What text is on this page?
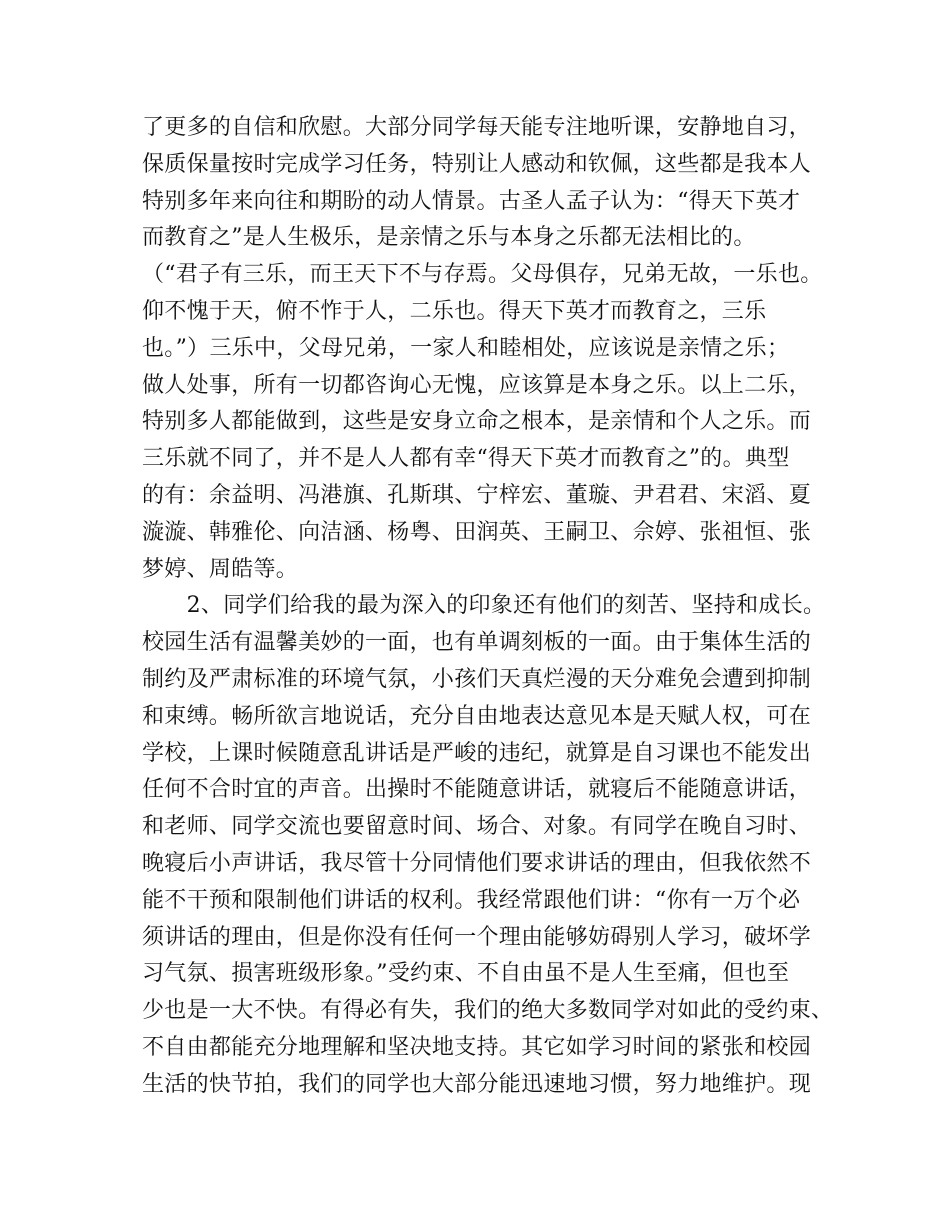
了更多的自信和欣慰。大部分同学每天能专注地听课，安静地自习，
保质保量按时完成学习任务，特别让人感动和钦佩，这些都是我本人
特别多年来向往和期盼的动人情景。古圣人孟子认为：“得天下英才
而教育之”是人生极乐，是亲情之乐与本身之乐都无法相比的。
（“君子有三乐，而王天下不与存焉。父母俱存，兄弟无故，一乐也。
仰不愧于天，俯不怍于人，二乐也。得天下英才而教育之，三乐
也。”）三乐中，父母兄弟，一家人和睦相处，应该说是亲情之乐；
做人处事，所有一切都咨询心无愧，应该算是本身之乐。以上二乐，
特别多人都能做到，这些是安身立命之根本，是亲情和个人之乐。而
三乐就不同了，并不是人人都有幸“得天下英才而教育之”的。典型
的有：余益明、冯港旗、孔斯琪、宁梓宏、董璇、尹君君、宋滔、夏
漩漩、韩雅伦、向洁涵、杨粤、田润英、王嗣卫、佘婷、张祖恒、张
梦婷、周皓等。
　　2、同学们给我的最为深入的印象还有他们的刻苦、坚持和成长。
校园生活有温馨美妙的一面，也有单调刻板的一面。由于集体生活的
制约及严肃标准的环境气氛，小孩们天真烂漫的天分难免会遭到抑制
和束缚。畅所欲言地说话，充分自由地表达意见本是天赋人权，可在
学校，上课时候随意乱讲话是严峻的违纪，就算是自习课也不能发出
任何不合时宜的声音。出操时不能随意讲话，就寝后不能随意讲话，
和老师、同学交流也要留意时间、场合、对象。有同学在晚自习时、
晚寝后小声讲话，我尽管十分同情他们要求讲话的理由，但我依然不
能不干预和限制他们讲话的权利。我经常跟他们讲：“你有一万个必
须讲话的理由，但是你没有任何一个理由能够妨碍别人学习，破坏学
习气氛、损害班级形象。”受约束、不自由虽不是人生至痛，但也至
少也是一大不快。有得必有失，我们的绝大多数同学对如此的受约束、
不自由都能充分地理解和坚决地支持。其它如学习时间的紧张和校园
生活的快节拍，我们的同学也大部分能迅速地习惯，努力地维护。现
